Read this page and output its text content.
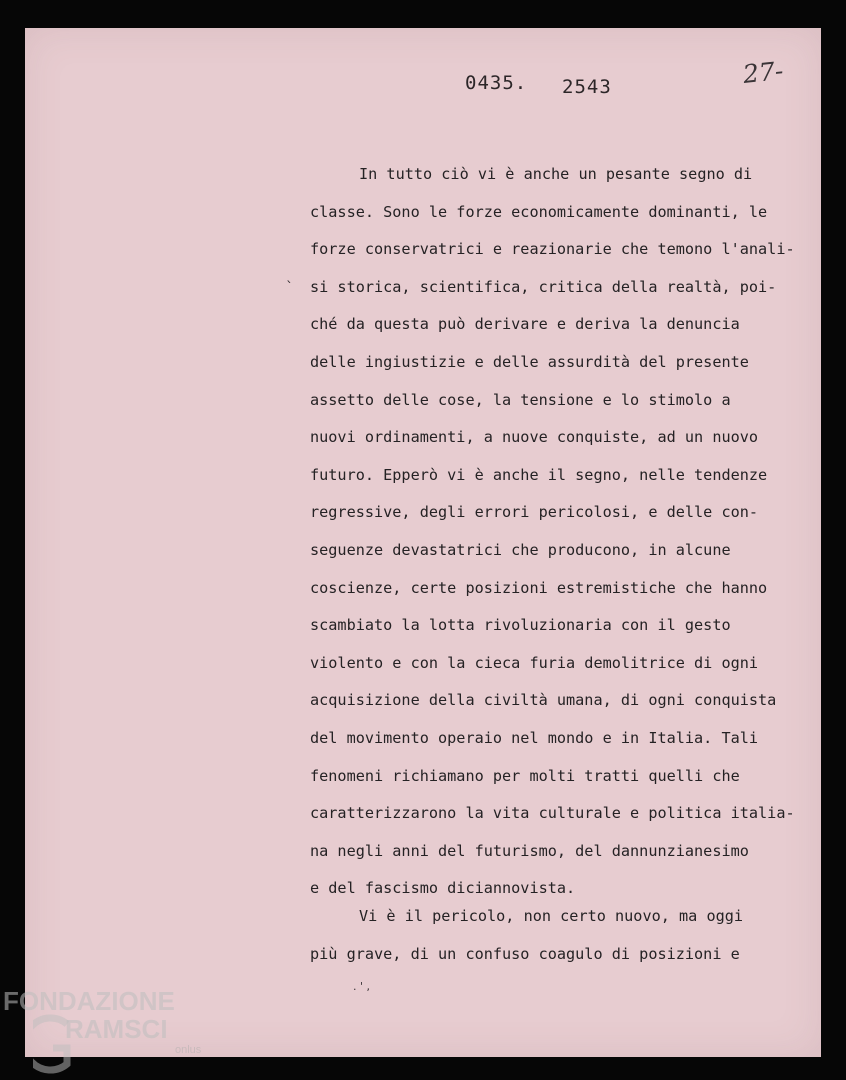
0435. 2543	27-
`
In tutto ciò vi è anche un pesante segno di
classe. Sono le forze economicamente dominanti, le
forze conservatrici e reazionarie che temono l'anali-
si storica, scientifica, critica della realtà, poi-
ché da questa può derivare e deriva la denuncia
delle ingiustizie e delle assurdità del presente
assetto delle cose, la tensione e lo stimolo a
nuovi ordinamenti, a nuove conquiste, ad un nuovo
futuro. Epperò vi è anche il segno, nelle tendenze
regressive, degli errori pericolosi, e delle con-
seguenze devastatrici che producono, in alcune
coscienze, certe posizioni estremistiche che hanno
scambiato la lotta rivoluzionaria con il gesto
violento e con la cieca furia demolitrice di ogni
acquisizione della civiltà umana, di ogni conquista
del movimento operaio nel mondo e in Italia. Tali
fenomeni richiamano per molti tratti quelli che
caratterizzarono la vita culturale e politica italia-
na negli anni del futurismo, del dannunzianesimo
e del fascismo diciannovista.
Vi è il pericolo, non certo nuovo, ma oggi
più grave, di un confuso coagulo di posizioni e
. ' ,
FONDAZIONE
RAMSCI
onlus
